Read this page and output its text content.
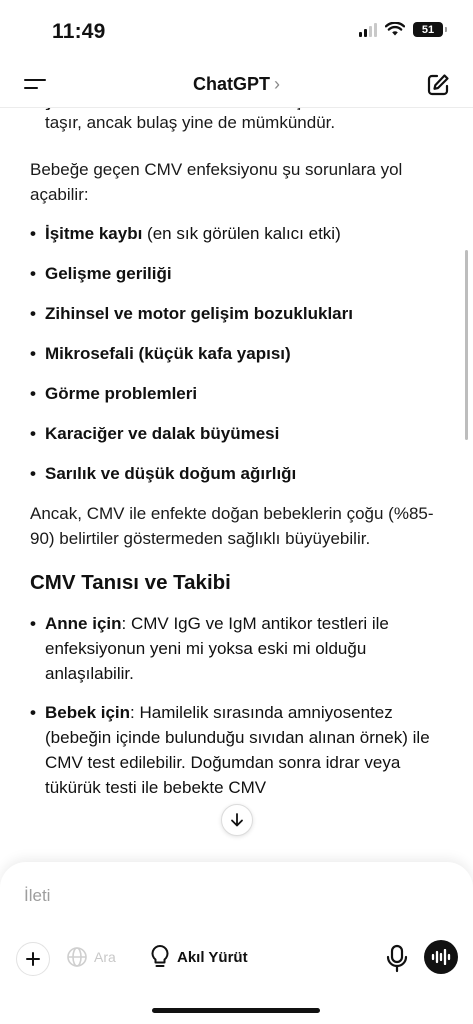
11:49	51
ChatGPT ›

taşır, ancak bulaş yine de mümkündür.

Bebeğe geçen CMV enfeksiyonu şu sorunlara yol açabilir:

• İşitme kaybı (en sık görülen kalıcı etki)
• Gelişme geriliği
• Zihinsel ve motor gelişim bozuklukları
• Mikrosefali (küçük kafa yapısı)
• Görme problemleri
• Karaciğer ve dalak büyümesi
• Sarılık ve düşük doğum ağırlığı

Ancak, CMV ile enfekte doğan bebeklerin çoğu (%85-90) belirtiler göstermeden sağlıklı büyüyebilir.

CMV Tanısı ve Takibi
• Anne için: CMV IgG ve IgM antikor testleri ile enfeksiyonun yeni mi yoksa eski mi olduğu anlaşılabilir.
• Bebek için: Hamilelik sırasında amniyosentez (bebeğin içinde bulunduğu sıvıdan alınan örnek) ile CMV test edilebilir. Doğumdan sonra idrar veya tükürük testi ile bebekte CMV
İleti
Ara	Akıl Yürüt
